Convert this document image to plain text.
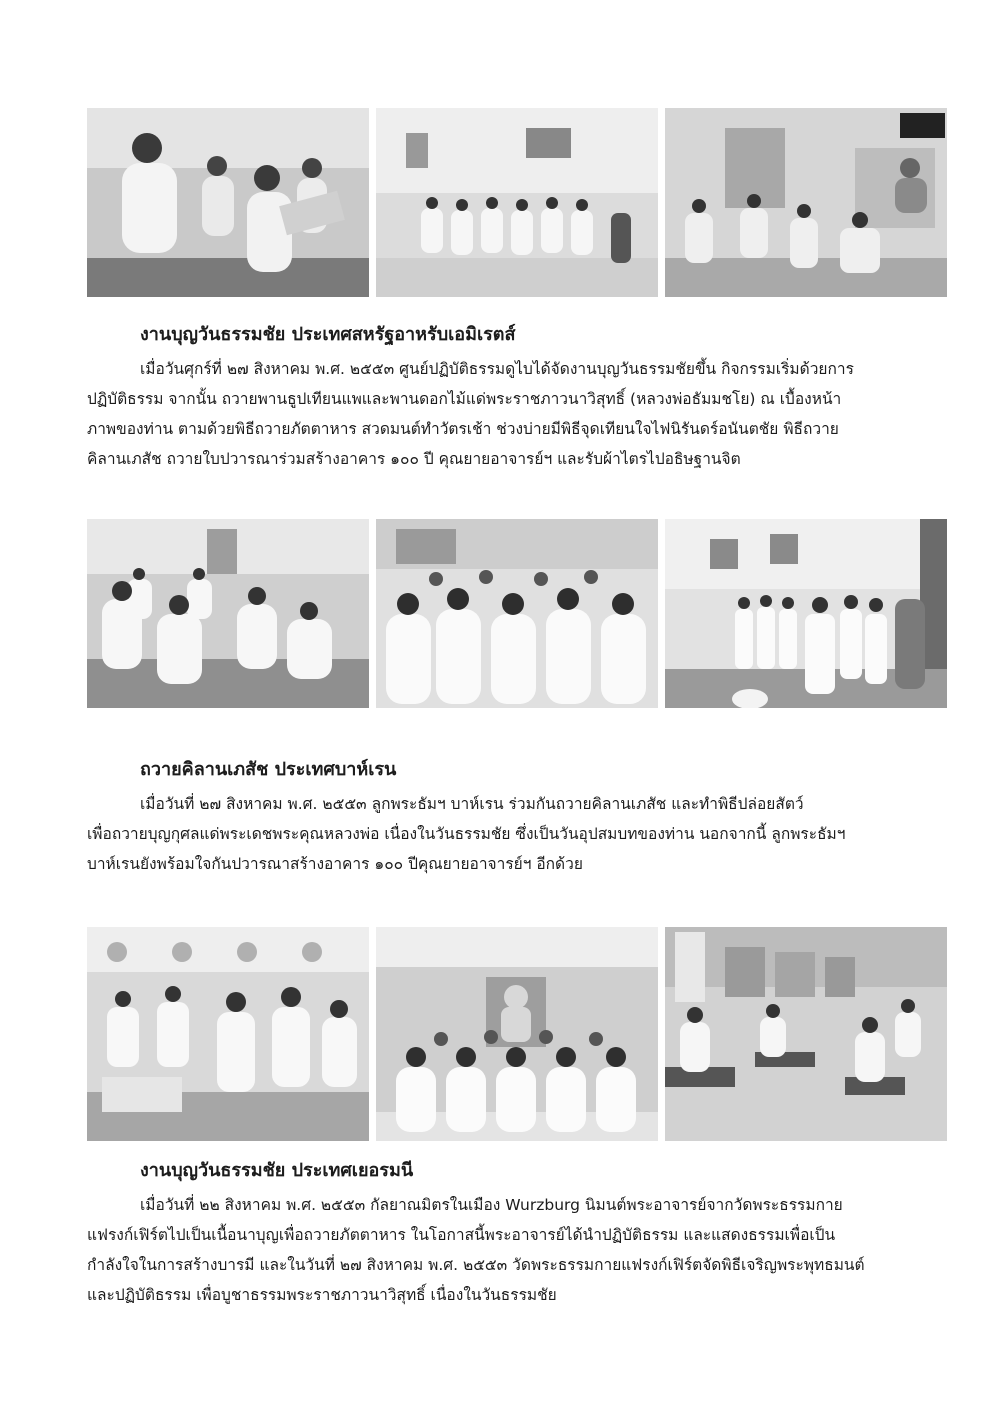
งานบุญวันธรรมชัย ประเทศสหรัฐอาหรับเอมิเรตส์

เมื่อวันศุกร์ที่ ๒๗ สิงหาคม พ.ศ. ๒๕๕๓ ศูนย์ปฏิบัติธรรมดูไบได้จัดงานบุญวันธรรมชัยขึ้น กิจกรรมเริ่มด้วยการ

ปฏิบัติธรรม จากนั้น ถวายพานธูปเทียนแพและพานดอกไม้แด่พระราชภาวนาวิสุทธิ์ (หลวงพ่อธัมมชโย) ณ เบื้องหน้า

ภาพของท่าน ตามด้วยพิธีถวายภัตตาหาร สวดมนต์ทำวัตรเช้า ช่วงบ่ายมีพิธีจุดเทียนใจไฟนิรันดร์อนันตชัย พิธีถวาย

คิลานเภสัช ถวายใบปวารณาร่วมสร้างอาคาร ๑๐๐ ปี คุณยายอาจารย์ฯ และรับผ้าไตรไปอธิษฐานจิต

ถวายคิลานเภสัช ประเทศบาห์เรน

เมื่อวันที่ ๒๗ สิงหาคม พ.ศ. ๒๕๕๓ ลูกพระธัมฯ บาห์เรน ร่วมกันถวายคิลานเภสัช และทำพิธีปล่อยสัตว์

เพื่อถวายบุญกุศลแด่พระเดชพระคุณหลวงพ่อ เนื่องในวันธรรมชัย ซึ่งเป็นวันอุปสมบทของท่าน นอกจากนี้ ลูกพระธัมฯ

บาห์เรนยังพร้อมใจกันปวารณาสร้างอาคาร ๑๐๐ ปีคุณยายอาจารย์ฯ อีกด้วย

งานบุญวันธรรมชัย ประเทศเยอรมนี

เมื่อวันที่ ๒๒ สิงหาคม พ.ศ. ๒๕๕๓ กัลยาณมิตรในเมือง Wurzburg นิมนต์พระอาจารย์จากวัดพระธรรมกาย

แฟรงก์เฟิร์ตไปเป็นเนื้อนาบุญเพื่อถวายภัตตาหาร ในโอกาสนี้พระอาจารย์ได้นำปฏิบัติธรรม และแสดงธรรมเพื่อเป็น

กำลังใจในการสร้างบารมี และในวันที่ ๒๗ สิงหาคม พ.ศ. ๒๕๕๓ วัดพระธรรมกายแฟรงก์เฟิร์ตจัดพิธีเจริญพระพุทธมนต์

และปฏิบัติธรรม เพื่อบูชาธรรมพระราชภาวนาวิสุทธิ์ เนื่องในวันธรรมชัย
